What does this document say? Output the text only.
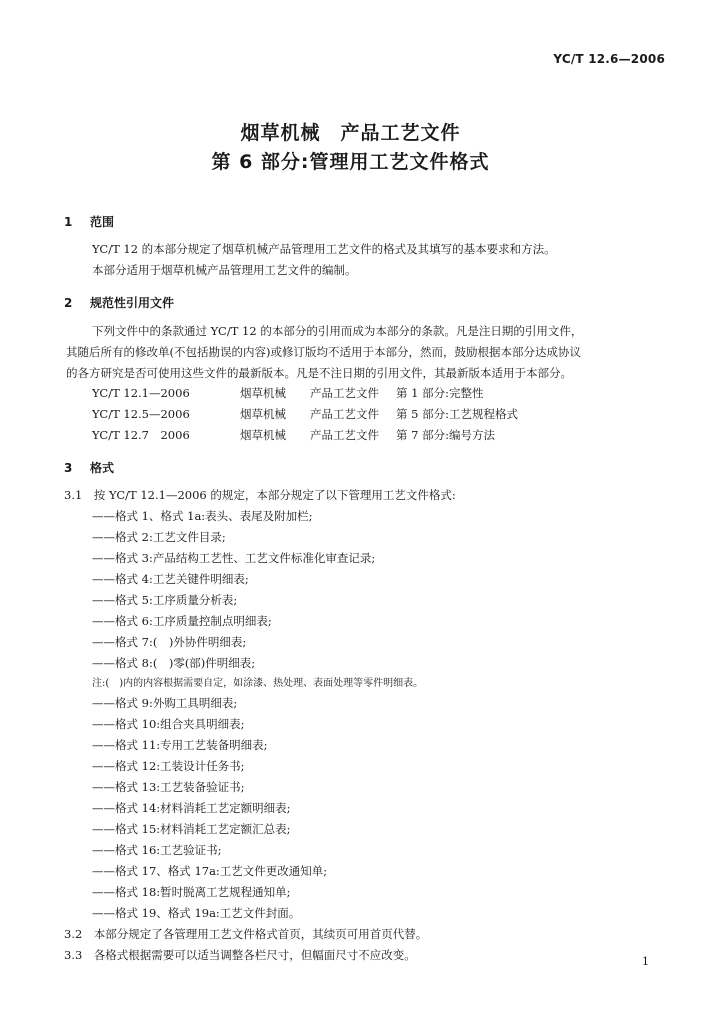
YC/T 12.6—2006
烟草机械　产品工艺文件
第 6 部分:管理用工艺文件格式
1 范围
YC/T 12 的本部分规定了烟草机械产品管理用工艺文件的格式及其填写的基本要求和方法。
本部分适用于烟草机械产品管理用工艺文件的编制。
2 规范性引用文件
下列文件中的条款通过 YC/T 12 的本部分的引用而成为本部分的条款。凡是注日期的引用文件，
其随后所有的修改单(不包括勘误的内容)或修订版均不适用于本部分，然而，鼓励根据本部分达成协议
的各方研究是否可使用这些文件的最新版本。凡是不注日期的引用文件，其最新版本适用于本部分。
YC/T 12.1—2006	烟草机械 产品工艺文件 第 1 部分:完整性
YC/T 12.5—2006	烟草机械 产品工艺文件 第 5 部分:工艺规程格式
YC/T 12.7　2006	烟草机械 产品工艺文件 第 7 部分:编号方法
3 格式
3.1　按 YC/T 12.1—2006 的规定，本部分规定了以下管理用工艺文件格式:
——格式 1、格式 1a:表头、表尾及附加栏;
——格式 2:工艺文件目录;
——格式 3:产品结构工艺性、工艺文件标准化审查记录;
——格式 4:工艺关键件明细表;
——格式 5:工序质量分析表;
——格式 6:工序质量控制点明细表;
——格式 7:(　)外协件明细表;
——格式 8:(　)零(部)件明细表;
注:(　)内的内容根据需要自定，如涂漆、热处理、表面处理等零件明细表。
——格式 9:外购工具明细表;
——格式 10:组合夹具明细表;
——格式 11:专用工艺装备明细表;
——格式 12:工装设计任务书;
——格式 13:工艺装备验证书;
——格式 14:材料消耗工艺定额明细表;
——格式 15:材料消耗工艺定额汇总表;
——格式 16:工艺验证书;
——格式 17、格式 17a:工艺文件更改通知单;
——格式 18:暂时脱离工艺规程通知单;
——格式 19、格式 19a:工艺文件封面。
3.2　本部分规定了各管理用工艺文件格式首页，其续页可用首页代替。
3.3　各格式根据需要可以适当调整各栏尺寸，但幅面尺寸不应改变。	1
